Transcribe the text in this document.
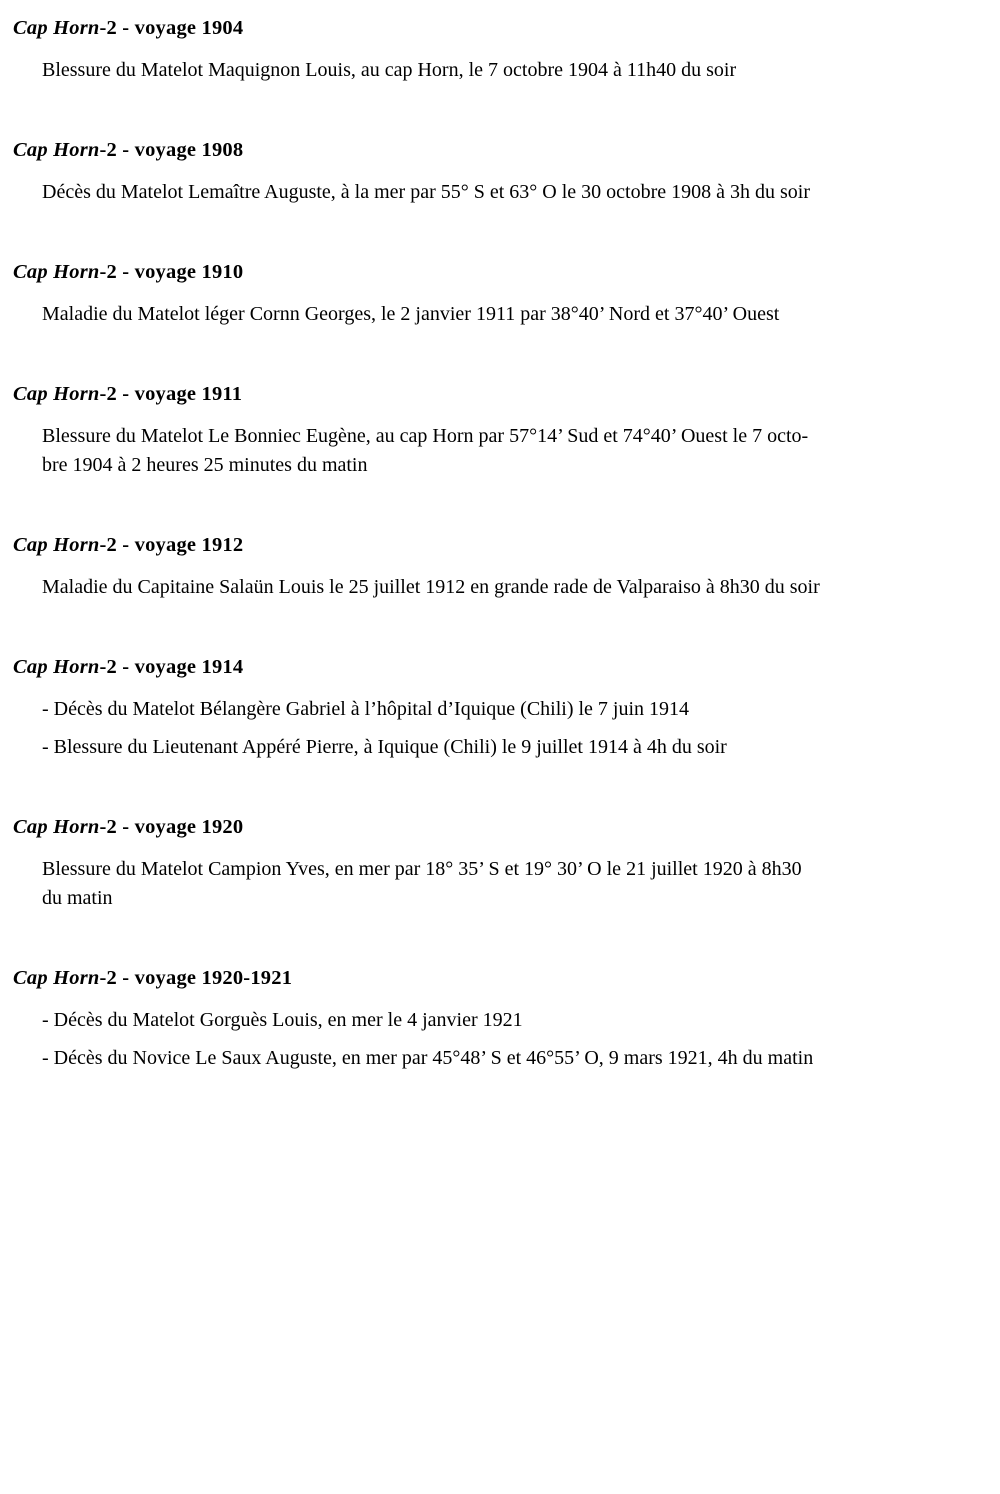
Cap Horn-2 - voyage 1904

Blessure du Matelot Maquignon Louis, au cap Horn, le 7 octobre 1904 à 11h40 du soir

Cap Horn-2 - voyage 1908

Décès du Matelot Lemaître Auguste, à la mer par 55° S et 63° O le 30 octobre 1908 à 3h du soir

Cap Horn-2 - voyage 1910

Maladie du Matelot léger Cornn Georges, le 2 janvier 1911 par 38°40’ Nord et 37°40’ Ouest

Cap Horn-2 - voyage 1911

Blessure du Matelot Le Bonniec Eugène, au cap Horn par 57°14’ Sud et 74°40’ Ouest le 7 octo-
bre 1904 à 2 heures 25 minutes du matin

Cap Horn-2 - voyage 1912

Maladie du Capitaine Salaün Louis le 25 juillet 1912 en grande rade de Valparaiso à 8h30 du soir

Cap Horn-2 - voyage 1914

- Décès du Matelot Bélangère Gabriel à l’hôpital d’Iquique (Chili) le 7 juin 1914

- Blessure du Lieutenant Appéré Pierre, à Iquique (Chili) le 9 juillet 1914 à 4h du soir

Cap Horn-2 - voyage 1920

Blessure du Matelot Campion Yves, en mer par 18° 35’ S et 19° 30’ O le 21 juillet 1920 à 8h30
du matin

Cap Horn-2 - voyage 1920-1921

- Décès du Matelot Gorguès Louis, en mer le 4 janvier 1921

- Décès du Novice Le Saux Auguste, en mer par 45°48’ S et 46°55’ O, 9 mars 1921, 4h du matin
